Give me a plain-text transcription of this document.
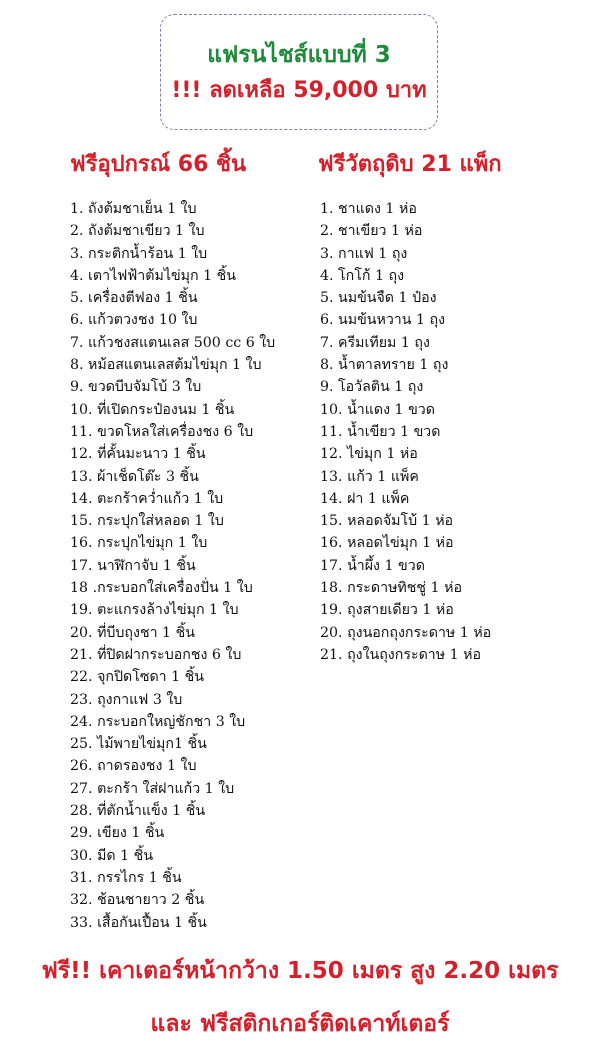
แฟรนไชส์แบบที่ 3
!!! ลดเหลือ 59,000 บาท
ฟรีอุปกรณ์ 66 ชิ้น	ฟรีวัตถุดิบ 21 แพ็ก
1. ถังต้มชาเย็น 1 ใบ
2. ถังต้มชาเขียว 1 ใบ
3. กระติกน้ำร้อน 1 ใบ
4. เตาไฟฟ้าต้มไข่มุก 1 ชิ้น
5. เครื่องตีฟอง 1 ชิ้น
6. แก้วตวงชง 10 ใบ
7. แก้วชงสแตนเลส 500 cc 6 ใบ
8. หม้อสแตนเลสต้มไข่มุก 1 ใบ
9. ขวดบีบจัมโบ้ 3 ใบ
10. ที่เปิดกระป๋องนม 1 ชิ้น
11. ขวดโหลใส่เครื่องชง 6 ใบ
12. ที่คั้นมะนาว 1 ชิ้น
13. ผ้าเช็ดโต๊ะ 3 ชิ้น
14. ตะกร้าคว่ำแก้ว 1 ใบ
15. กระปุกใส่หลอด 1 ใบ
16. กระปุกไข่มุก 1 ใบ
17. นาฬิกาจับ 1 ชิ้น
18 .กระบอกใส่เครื่องปั่น 1 ใบ
19. ตะแกรงล้างไข่มุก 1 ใบ
20. ที่บีบถุงชา 1 ชิ้น
21. ที่ปิดฝากระบอกชง 6 ใบ
22. จุกปิดโซดา 1 ชิ้น
23. ถุงกาแฟ 3 ใบ
24. กระบอกใหญ่ชักชา 3 ใบ
25. ไม้พายไข่มุก1 ชิ้น
26. ถาดรองชง 1 ใบ
27. ตะกร้า ใส่ฝาแก้ว 1 ใบ
28. ที่ตักน้ำแข็ง 1 ชิ้น
29. เขียง 1 ชิ้น
30. มีด 1 ชิ้น
31. กรรไกร 1 ชิ้น
32. ช้อนชายาว 2 ชิ้น
33. เสื้อกันเปื้อน 1 ชิ้น
1. ชาแดง 1 ห่อ
2. ชาเขียว 1 ห่อ
3. กาแฟ 1 ถุง
4. โกโก้ 1 ถุง
5. นมข้นจืด 1 ป๋อง
6. นมข้นหวาน 1 ถุง
7. ครีมเทียม 1 ถุง
8. น้ำตาลทราย 1 ถุง
9. โอวัลติน 1 ถุง
10. น้ำแดง 1 ขวด
11. น้ำเขียว 1 ขวด
12. ไข่มุก 1 ห่อ
13. แก้ว 1 แพ็ค
14. ฝา 1 แพ็ค
15. หลอดจัมโบ้ 1 ห่อ
16. หลอดไข่มุก 1 ห่อ
17. น้ำผึ้ง 1 ขวด
18. กระดาษทิชชู่ 1 ห่อ
19. ถุงสายเดียว 1 ห่อ
20. ถุงนอกถุงกระดาษ 1 ห่อ
21. ถุงในถุงกระดาษ 1 ห่อ
ฟรี!! เคาเตอร์หน้ากว้าง 1.50 เมตร สูง 2.20 เมตร
และ ฟรีสติกเกอร์ติดเคาท์เตอร์
